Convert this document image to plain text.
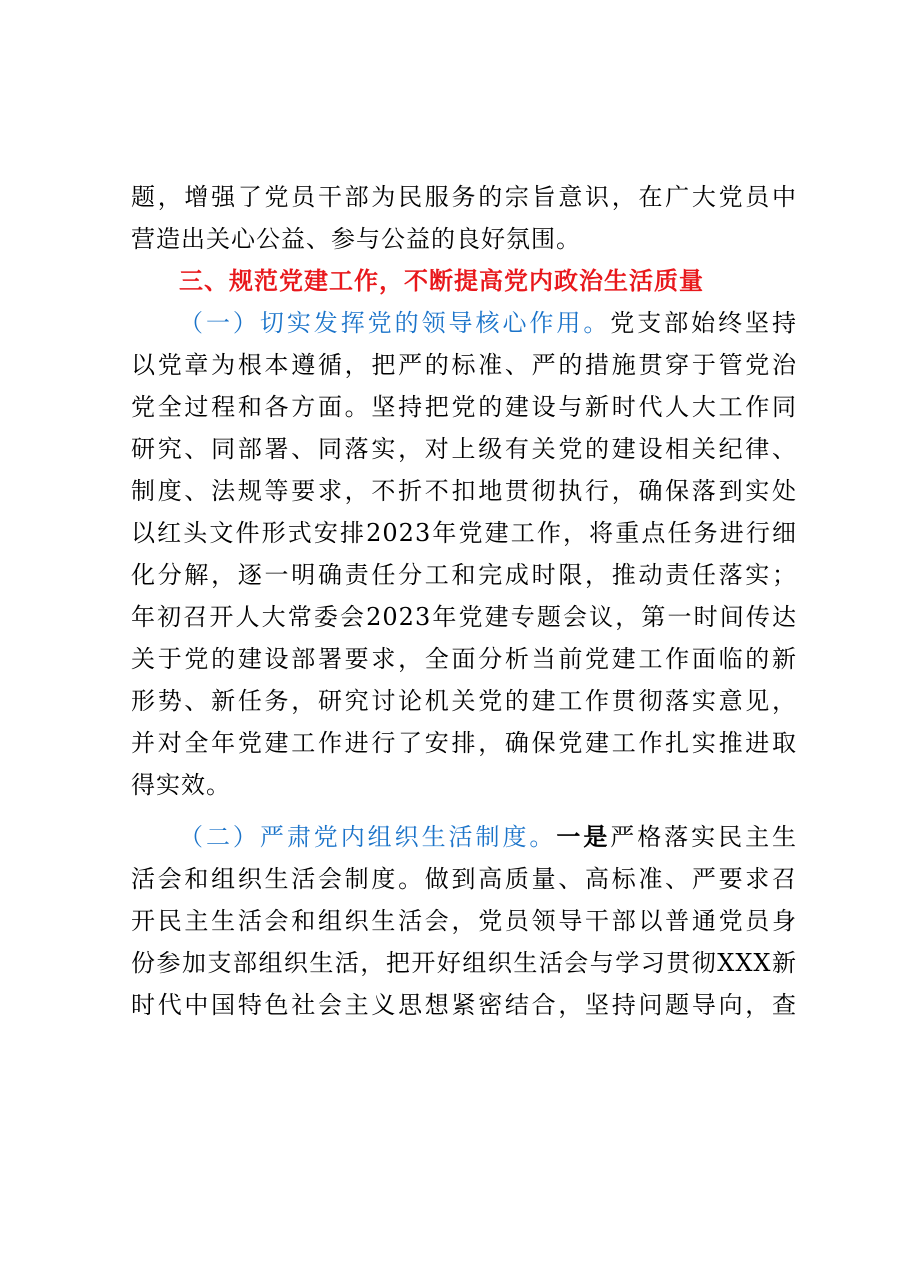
题，增强了党员干部为民服务的宗旨意识，在广大党员中
营造出关心公益、参与公益的良好氛围。
三、规范党建工作，不断提高党内政治生活质量
（一）切实发挥党的领导核心作用。党支部始终坚持
以党章为根本遵循，把严的标准、严的措施贯穿于管党治
党全过程和各方面。坚持把党的建设与新时代人大工作同
研究、同部署、同落实，对上级有关党的建设相关纪律、
制度、法规等要求，不折不扣地贯彻执行，确保落到实处
以红头文件形式安排2023年党建工作，将重点任务进行细
化分解，逐一明确责任分工和完成时限，推动责任落实；
年初召开人大常委会2023年党建专题会议，第一时间传达
关于党的建设部署要求，全面分析当前党建工作面临的新
形势、新任务，研究讨论机关党的建工作贯彻落实意见，
并对全年党建工作进行了安排，确保党建工作扎实推进取
得实效。
（二）严肃党内组织生活制度。一是严格落实民主生
活会和组织生活会制度。做到高质量、高标准、严要求召
开民主生活会和组织生活会，党员领导干部以普通党员身
份参加支部组织生活，把开好组织生活会与学习贯彻XXX新
时代中国特色社会主义思想紧密结合，坚持问题导向，查
